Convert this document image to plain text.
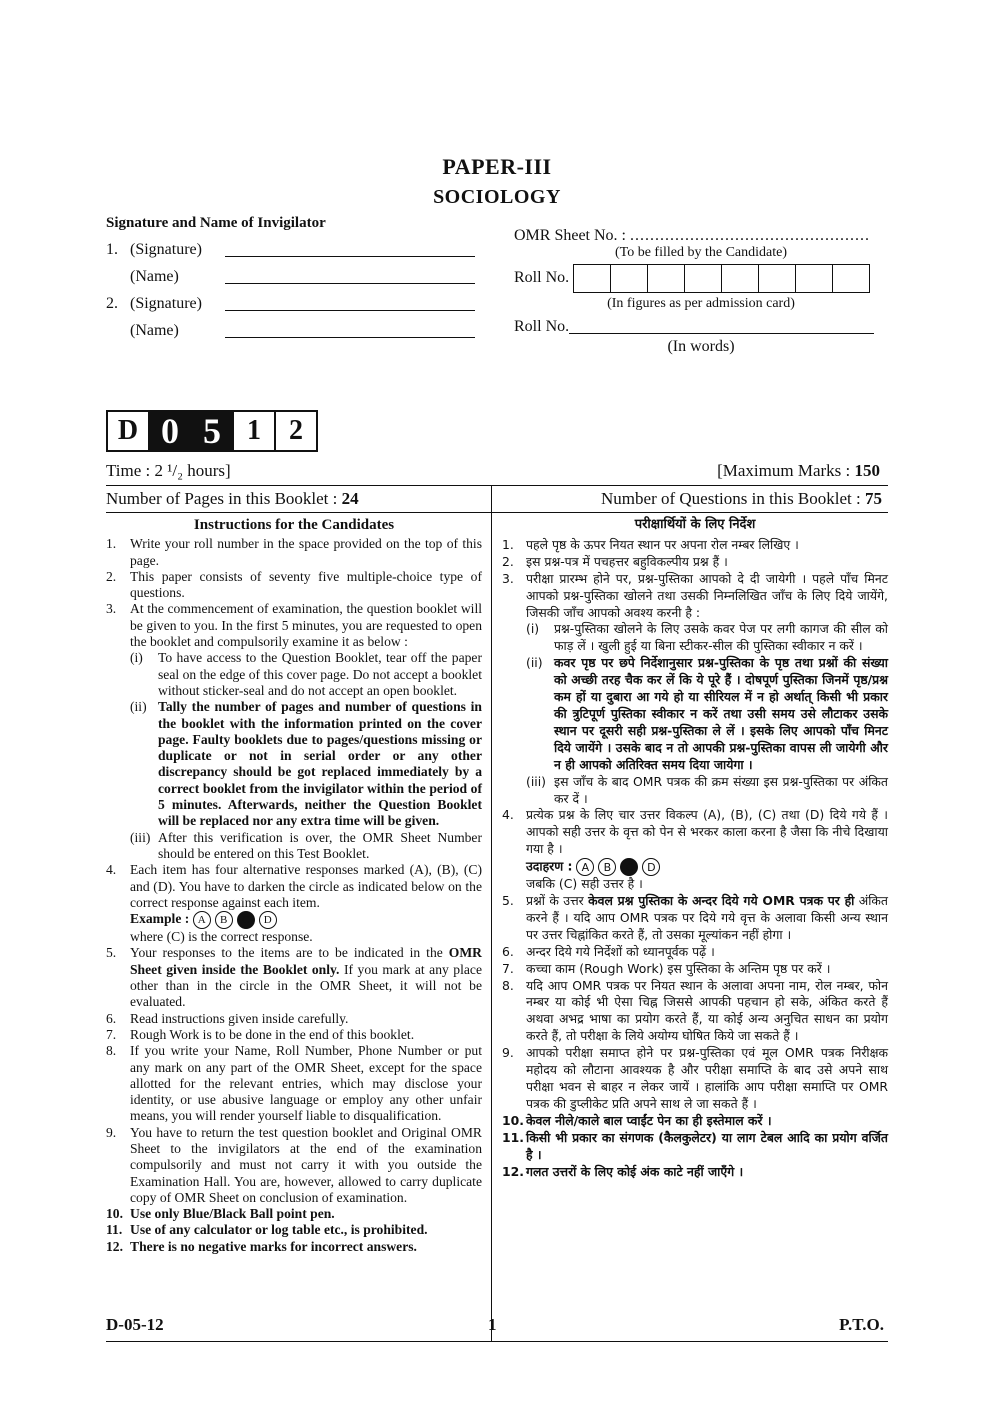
PAPER-III
SOCIOLOGY
Signature and Name of Invigilator
1. (Signature)
(Name)
2. (Signature)
(Name)
OMR Sheet No. : ................................................
(To be filled by the Candidate)
Roll No.
(In figures as per admission card)
Roll No.
(In words)
D 0 5 1	2
Time : 2 ¹/₂ hours]	[Maximum Marks : 150
Number of Pages in this Booklet : 24	Number of Questions in this Booklet : 75
Instructions for the Candidates
1.	Write your roll number in the space provided on the top of this page.
2.	This paper consists of seventy five multiple-choice type of questions.
3.	At the commencement of examination, the question booklet will be given to you. In the first 5 minutes, you are requested to open the booklet and compulsorily examine it as below :
(i)	To have access to the Question Booklet, tear off the paper seal on the edge of this cover page. Do not accept a booklet without sticker-seal and do not accept an open booklet.
(ii) Tally the number of pages and number of questions in the booklet with the information printed on the cover page. Faulty booklets due to pages/questions missing or duplicate or not in serial order or any other discrepancy should be got replaced immediately by a correct booklet from the invigilator within the period of 5 minutes. Afterwards, neither the Question Booklet will be replaced nor any extra time will be given.
(iii) After this verification is over, the OMR Sheet Number should be entered on this Test Booklet.
4.	Each item has four alternative responses marked (A), (B), (C) and (D). You have to darken the circle as indicated below on the correct response against each item.
Example : A	B	C	D
where (C) is the correct response.
5.	Your responses to the items are to be indicated in the OMR Sheet given inside the Booklet only. If you mark at any place other than in the circle in the OMR Sheet, it will not be evaluated.
6.	Read instructions given inside carefully.
7.	Rough Work is to be done in the end of this booklet.
8.	If you write your Name, Roll Number, Phone Number or put any mark on any part of the OMR Sheet, except for the space allotted for the relevant entries, which may disclose your identity, or use abusive language or employ any other unfair means, you will render yourself liable to disqualification.
9.	You have to return the test question booklet and Original OMR Sheet to the invigilators at the end of the examination compulsorily and must not carry it with you outside the Examination Hall. You are, however, allowed to carry duplicate copy of OMR Sheet on conclusion of examination.
10. Use only Blue/Black Ball point pen.
11. Use of any calculator or log table etc., is prohibited.
12. There is no negative marks for incorrect answers.
परीक्षार्थियों के लिए निर्देश
1. पहले पृष्ठ के ऊपर नियत स्थान पर अपना रोल नम्बर लिखिए ।
2. इस प्रश्न-पत्र में पचहत्तर बहुविकल्पीय प्रश्न हैं ।
3. परीक्षा प्रारम्भ होने पर, प्रश्न-पुस्तिका आपको दे दी जायेगी । पहले पाँच मिनट आपको प्रश्न-पुस्तिका खोलने तथा उसकी निम्नलिखित जाँच के लिए दिये जायेंगे, जिसकी जाँच आपको अवश्य करनी है :
(i)	प्रश्न-पुस्तिका खोलने के लिए उसके कवर पेज पर लगी कागज की सील को फाड़ लें । खुली हुई या बिना स्टीकर-सील की पुस्तिका स्वीकार न करें ।
(ii) कवर पृष्ठ पर छपे निर्देशानुसार प्रश्न-पुस्तिका के पृष्ठ तथा प्रश्नों की संख्या को अच्छी तरह चैक कर लें कि ये पूरे हैं । दोषपूर्ण पुस्तिका जिनमें पृष्ठ/प्रश्न कम हों या दुबारा आ गये हो या सीरियल में न हो अर्थात् किसी भी प्रकार की त्रुटिपूर्ण पुस्तिका स्वीकार न करें तथा उसी समय उसे लौटाकर उसके स्थान पर दूसरी सही प्रश्न-पुस्तिका ले लें । इसके लिए आपको पाँच मिनट दिये जायेंगे । उसके बाद न तो आपकी प्रश्न-पुस्तिका वापस ली जायेगी और न ही आपको अतिरिक्त समय दिया जायेगा ।
(iii) इस जाँच के बाद OMR पत्रक की क्रम संख्या इस प्रश्न-पुस्तिका पर अंकित कर दें ।
4. प्रत्येक प्रश्न के लिए चार उत्तर विकल्प (A), (B), (C) तथा (D) दिये गये हैं । आपको सही उत्तर के वृत्त को पेन से भरकर काला करना है जैसा कि नीचे दिखाया गया है ।
उदाहरण : A	B	C	D
जबकि (C) सही उत्तर है ।
5. प्रश्नों के उत्तर केवल प्रश्न पुस्तिका के अन्दर दिये गये OMR पत्रक पर ही अंकित करने हैं । यदि आप OMR पत्रक पर दिये गये वृत्त के अलावा किसी अन्य स्थान पर उत्तर चिह्नांकित करते हैं, तो उसका मूल्यांकन नहीं होगा ।
6. अन्दर दिये गये निर्देशों को ध्यानपूर्वक पढ़ें ।
7. कच्चा काम (Rough Work) इस पुस्तिका के अन्तिम पृष्ठ पर करें ।
8. यदि आप OMR पत्रक पर नियत स्थान के अलावा अपना नाम, रोल नम्बर, फोन नम्बर या कोई भी ऐसा चिह्न जिससे आपकी पहचान हो सके, अंकित करते हैं अथवा अभद्र भाषा का प्रयोग करते हैं, या कोई अन्य अनुचित साधन का प्रयोग करते हैं, तो परीक्षा के लिये अयोग्य घोषित किये जा सकते हैं ।
9. आपको परीक्षा समाप्त होने पर प्रश्न-पुस्तिका एवं मूल OMR पत्रक निरीक्षक महोदय को लौटाना आवश्यक है और परीक्षा समाप्ति के बाद उसे अपने साथ परीक्षा भवन से बाहर न लेकर जायें । हालांकि आप परीक्षा समाप्ति पर OMR पत्रक की डुप्लीकेट प्रति अपने साथ ले जा सकते हैं ।
10. केवल नीले/काले बाल प्वाईंट पेन का ही इस्तेमाल करें ।
11. किसी भी प्रकार का संगणक (कैलकुलेटर) या लाग टेबल आदि का प्रयोग वर्जित है ।
12. गलत उत्तरों के लिए कोई अंक काटे नहीं जाएँगे ।
D-05-12	1	P.T.O.
